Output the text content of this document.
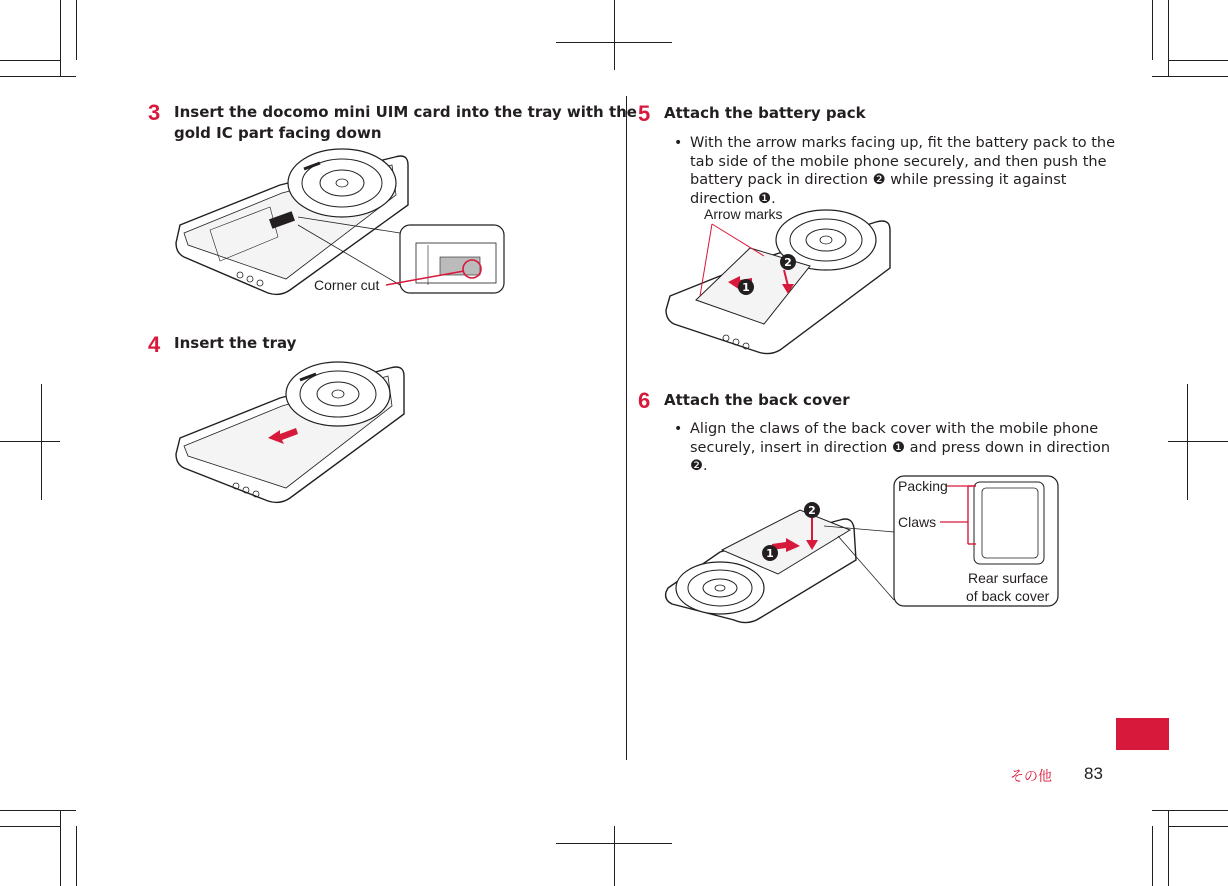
3 Insert the docomo mini UIM card into the tray with the
gold IC part facing down
Corner cut
4 Insert the tray
5 Attach the battery pack
• With the arrow marks facing up, fit the battery pack to the
tab side of the mobile phone securely, and then push the
battery pack in direction ❷ while pressing it against
direction ❶.
Arrow marks
1
2
6 Attach the back cover
• Align the claws of the back cover with the mobile phone
securely, insert in direction ❶ and press down in direction
❷.
1
2
Packing
Claws
Rear surface
of back cover
その他 83
